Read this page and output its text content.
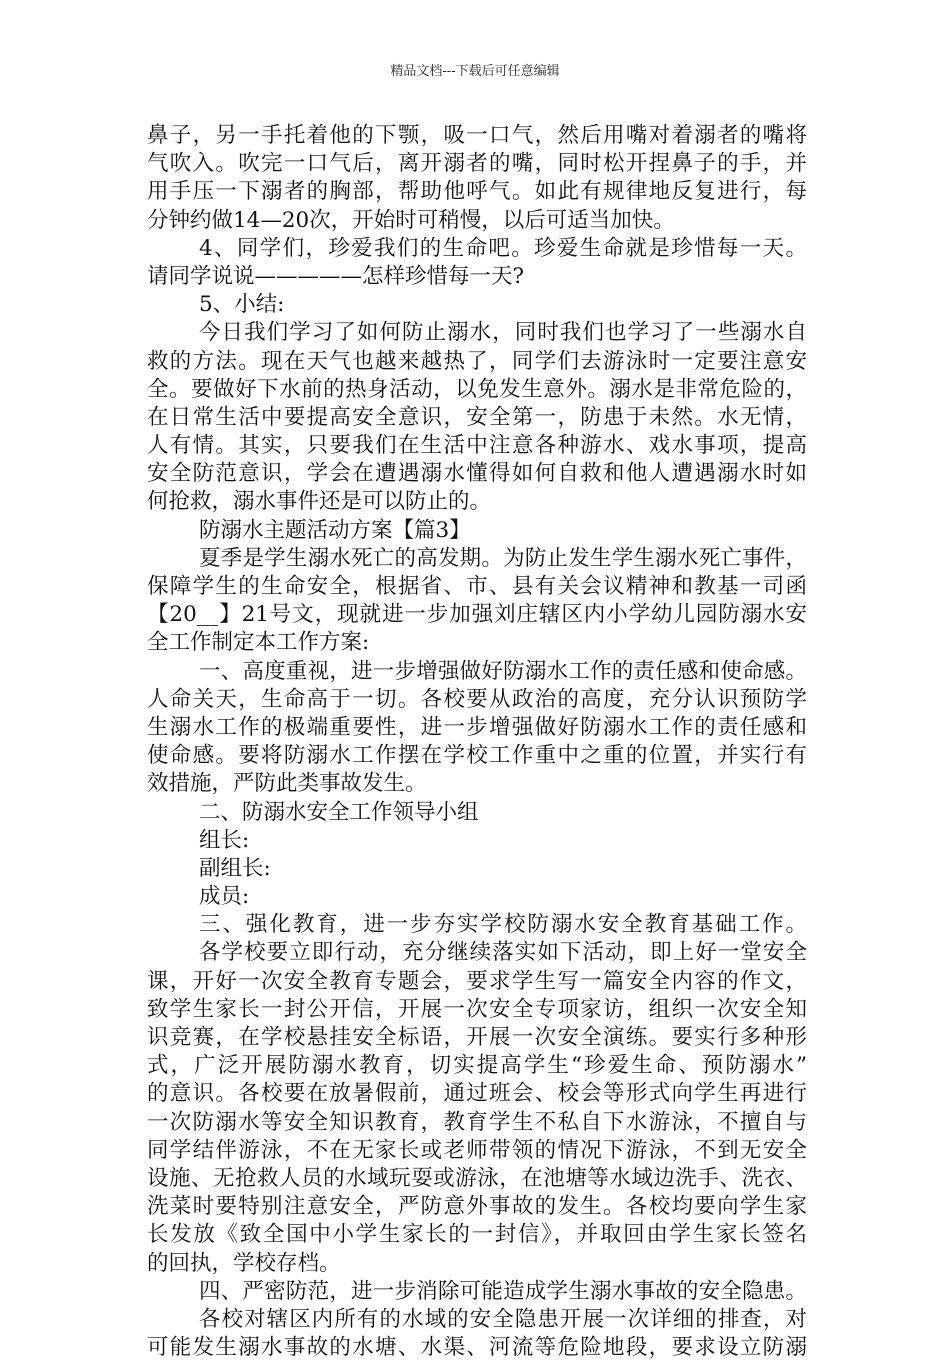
精品文档---下载后可任意编辑
鼻子，另一手托着他的下颚，吸一口气，然后用嘴对着溺者的嘴将
气吹入。吹完一口气后，离开溺者的嘴，同时松开捏鼻子的手，并
用手压一下溺者的胸部，帮助他呼气。如此有规律地反复进行，每
分钟约做14—20次，开始时可稍慢，以后可适当加快。
4、同学们，珍爱我们的生命吧。珍爱生命就是珍惜每一天。
请同学说说—————怎样珍惜每一天?
5、小结:
今日我们学习了如何防止溺水，同时我们也学习了一些溺水自
救的方法。现在天气也越来越热了，同学们去游泳时一定要注意安
全。要做好下水前的热身活动，以免发生意外。溺水是非常危险的，
在日常生活中要提高安全意识，安全第一，防患于未然。水无情，
人有情。其实，只要我们在生活中注意各种游水、戏水事项，提高
安全防范意识，学会在遭遇溺水懂得如何自救和他人遭遇溺水时如
何抢救，溺水事件还是可以防止的。
防溺水主题活动方案【篇3】
夏季是学生溺水死亡的高发期。为防止发生学生溺水死亡事件，
保障学生的生命安全，根据省、市、县有关会议精神和教基一司函
【20__】21号文，现就进一步加强刘庄辖区内小学幼儿园防溺水安
全工作制定本工作方案:
一、高度重视，进一步增强做好防溺水工作的责任感和使命感。
人命关天，生命高于一切。各校要从政治的高度，充分认识预防学
生溺水工作的极端重要性，进一步增强做好防溺水工作的责任感和
使命感。要将防溺水工作摆在学校工作重中之重的位置，并实行有
效措施，严防此类事故发生。
二、防溺水安全工作领导小组
组长:
副组长:
成员:
三、强化教育，进一步夯实学校防溺水安全教育基础工作。
各学校要立即行动，充分继续落实如下活动，即上好一堂安全
课，开好一次安全教育专题会，要求学生写一篇安全内容的作文，
致学生家长一封公开信，开展一次安全专项家访，组织一次安全知
识竞赛，在学校悬挂安全标语，开展一次安全演练。要实行多种形
式，广泛开展防溺水教育，切实提高学生“珍爱生命、预防溺水”
的意识。各校要在放暑假前，通过班会、校会等形式向学生再进行
一次防溺水等安全知识教育，教育学生不私自下水游泳，不擅自与
同学结伴游泳，不在无家长或老师带领的情况下游泳，不到无安全
设施、无抢救人员的水域玩耍或游泳，在池塘等水域边洗手、洗衣、
洗菜时要特别注意安全，严防意外事故的发生。各校均要向学生家
长发放《致全国中小学生家长的一封信》，并取回由学生家长签名
的回执，学校存档。
四、严密防范，进一步消除可能造成学生溺水事故的安全隐患。
各校对辖区内所有的水域的安全隐患开展一次详细的排查，对
可能发生溺水事故的水塘、水渠、河流等危险地段，要求设立防溺
